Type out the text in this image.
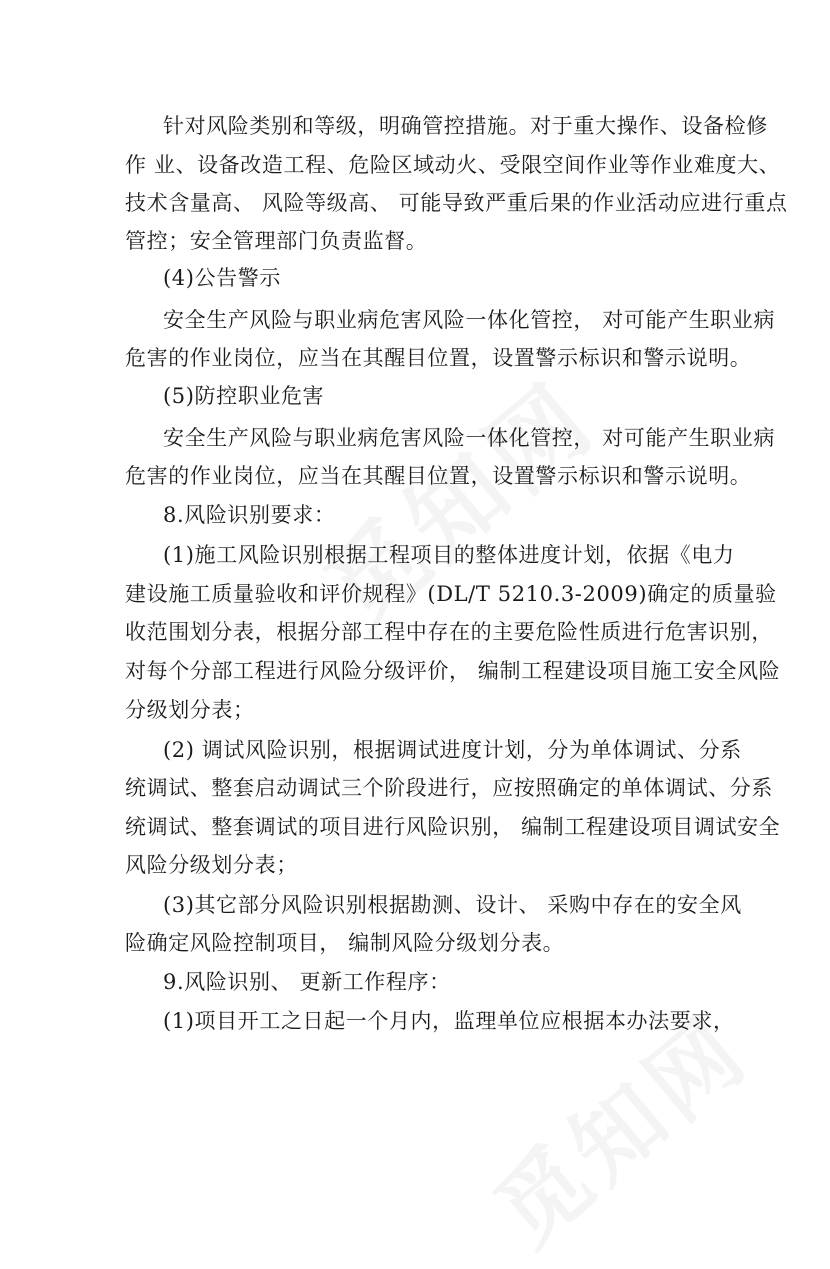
针对风险类别和等级，明确管控措施。对于重大操作、设备检修
作 业、设备改造工程、危险区域动火、受限空间作业等作业难度大、
技术含量高、 风险等级高、 可能导致严重后果的作业活动应进行重点
管控；安全管理部门负责监督。
(4)公告警示
安全生产风险与职业病危害风险一体化管控， 对可能产生职业病
危害的作业岗位，应当在其醒目位置，设置警示标识和警示说明。
(5)防控职业危害
安全生产风险与职业病危害风险一体化管控， 对可能产生职业病
危害的作业岗位，应当在其醒目位置，设置警示标识和警示说明。
8.风险识别要求：
(1)施工风险识别根据工程项目的整体进度计划，依据《电力
建设施工质量验收和评价规程》(DL/T 5210.3-2009)确定的质量验
收范围划分表，根据分部工程中存在的主要危险性质进行危害识别，
对每个分部工程进行风险分级评价， 编制工程建设项目施工安全风险
分级划分表；
(2) 调试风险识别，根据调试进度计划，分为单体调试、分系
统调试、整套启动调试三个阶段进行，应按照确定的单体调试、分系
统调试、整套调试的项目进行风险识别， 编制工程建设项目调试安全
风险分级划分表；
(3)其它部分风险识别根据勘测、设计、 采购中存在的安全风
险确定风险控制项目， 编制风险分级划分表。
9.风险识别、 更新工作程序：
(1)项目开工之日起一个月内，监理单位应根据本办法要求，
